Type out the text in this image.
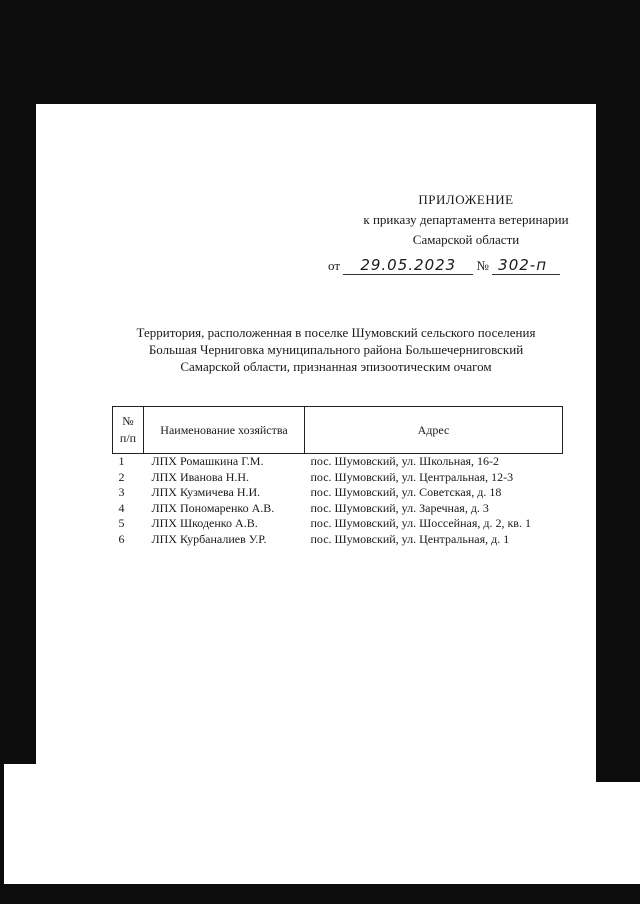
ПРИЛОЖЕНИЕ
к приказу департамента ветеринарии
Самарской области
от 29.05.2023 № 302-п
Территория, расположенная в поселке Шумовский сельского поселения
Большая Черниговка муниципального района Большечерниговский
Самарской области, признанная эпизоотическим очагом
№
п/п	Наименование хозяйства	Адрес
1	ЛПХ Ромашкина Г.М.	пос. Шумовский, ул. Школьная, 16-2
2	ЛПХ Иванова Н.Н.	пос. Шумовский, ул. Центральная, 12-3
3	ЛПХ Кузмичева Н.И.	пос. Шумовский, ул. Советская, д. 18
4	ЛПХ Пономаренко А.В.	пос. Шумовский, ул. Заречная, д. 3
5	ЛПХ Шкоденко А.В.	пос. Шумовский, ул. Шоссейная, д. 2, кв. 1
6	ЛПХ Курбаналиев У.Р.	пос. Шумовский, ул. Центральная, д. 1
